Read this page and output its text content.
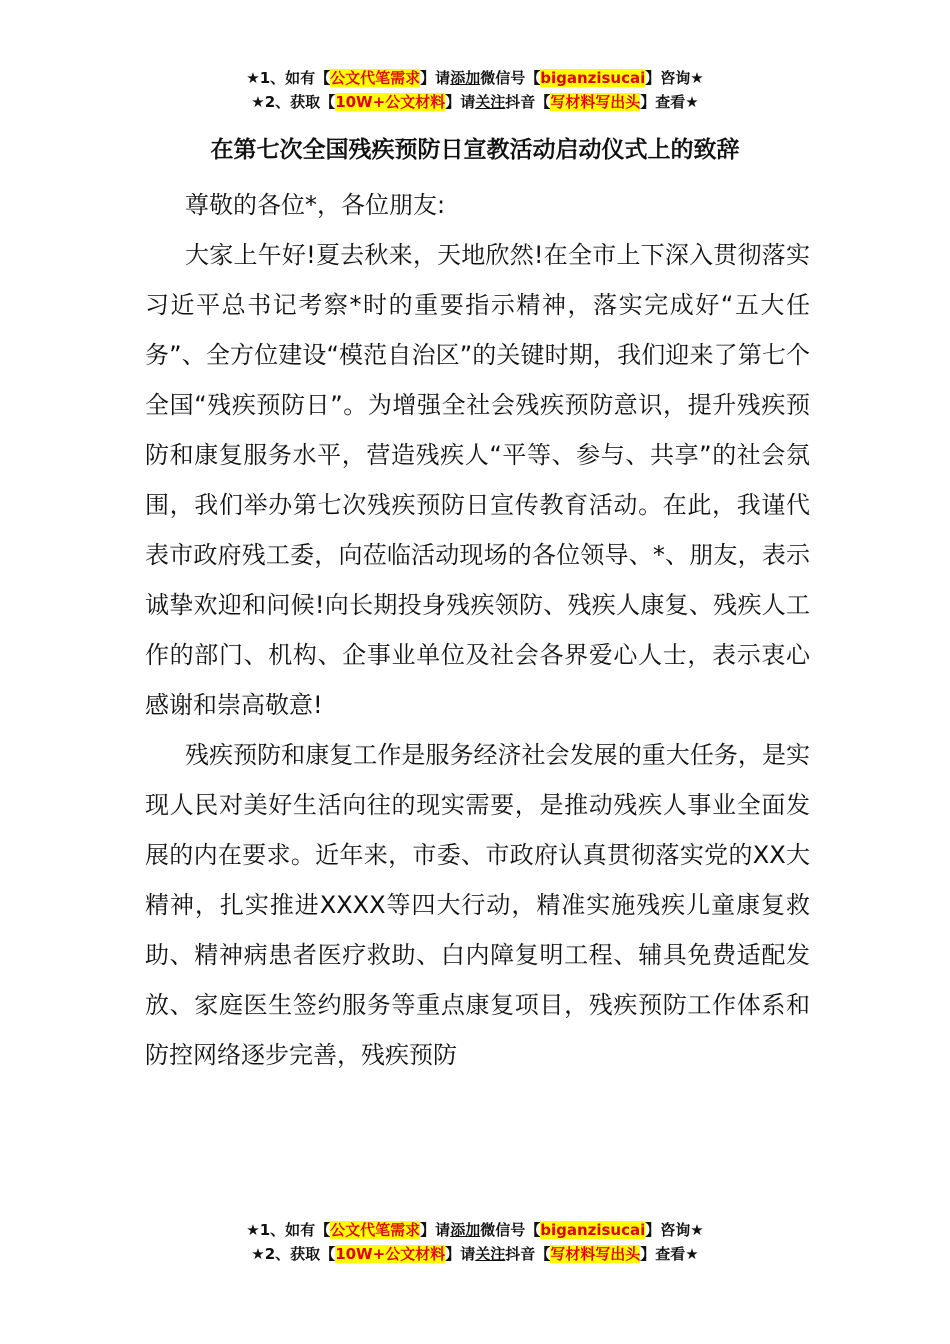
★1、如有【公文代笔需求】请添加微信号【biganzisucai】咨询★
★2、获取【10W+公文材料】请关注抖音【写材料写出头】查看★
在第七次全国残疾预防日宣教活动启动仪式上的致辞

尊敬的各位*，各位朋友:

大家上午好!夏去秋来，天地欣然!在全市上下深入贯彻落实习近平总书记考察*时的重要指示精神，落实完成好“五大任务”、全方位建设“模范自治区”的关键时期，我们迎来了第七个全国“残疾预防日”。为增强全社会残疾预防意识，提升残疾预防和康复服务水平，营造残疾人“平等、参与、共享”的社会氛围，我们举办第七次残疾预防日宣传教育活动。在此，我谨代表市政府残工委，向莅临活动现场的各位领导、*、朋友，表示诚挚欢迎和问候!向长期投身残疾领防、残疾人康复、残疾人工作的部门、机构、企事业单位及社会各界爱心人士，表示衷心感谢和崇高敬意!

残疾预防和康复工作是服务经济社会发展的重大任务，是实现人民对美好生活向往的现实需要，是推动残疾人事业全面发展的内在要求。近年来，市委、市政府认真贯彻落实党的XX大精神，扎实推进XXXX等四大行动，精准实施残疾儿童康复救助、精神病患者医疗救助、白内障复明工程、辅具免费适配发放、家庭医生签约服务等重点康复项目，残疾预防工作体系和防控网络逐步完善，残疾预防

★1、如有【公文代笔需求】请添加微信号【biganzisucai】咨询★
★2、获取【10W+公文材料】请关注抖音【写材料写出头】查看★
